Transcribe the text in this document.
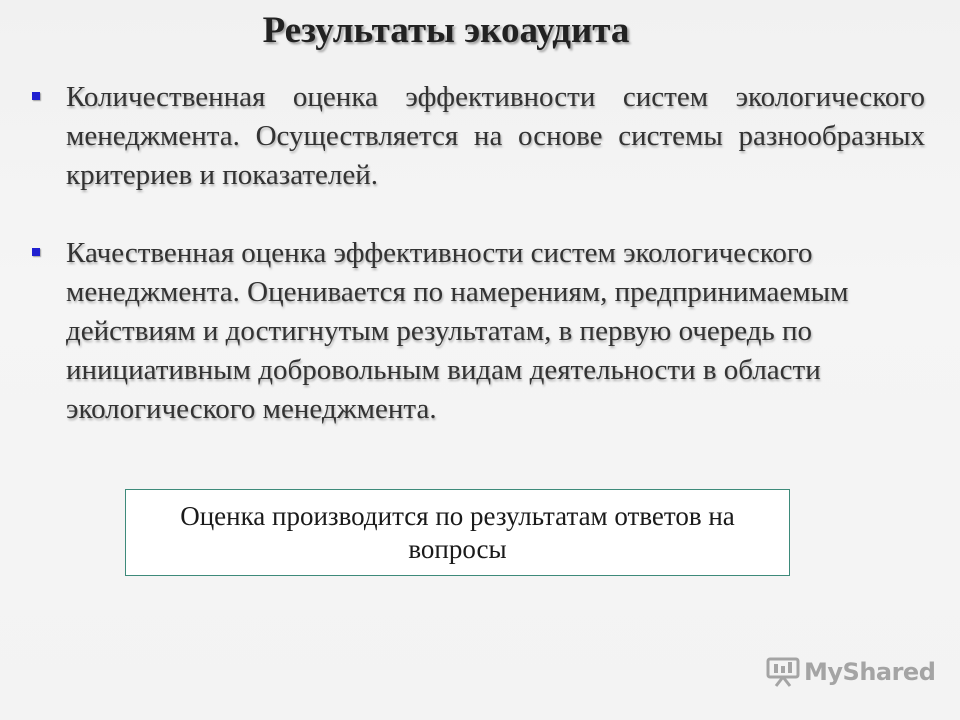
Результаты экоаудита
Количественная оценка эффективности систем экологического менеджмента. Осуществляется на основе системы разнообразных критериев и показателей.
Качественная оценка эффективности систем экологического менеджмента. Оценивается по намерениям, предпринимаемым действиям и достигнутым результатам, в первую очередь по инициативным добровольным видам деятельности в области экологического менеджмента.
Оценка производится по результатам ответов на вопросы
MyShared
